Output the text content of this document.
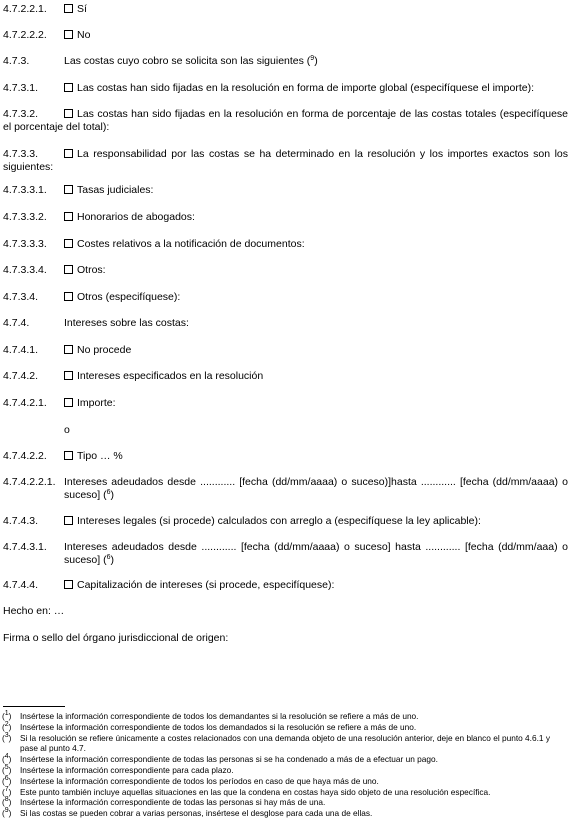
4.7.2.2.1.	Sí
4.7.2.2.2.	No
4.7.3.	Las costas cuyo cobro se solicita son las siguientes ($^9$)
4.7.3.1.	Las costas han sido fijadas en la resolución en forma de importe global (especifíquese el importe):
4.7.3.2.	Las costas han sido fijadas en la resolución en forma de porcentaje de las costas totales (especifíquese el porcentaje del total):
4.7.3.3.	La responsabilidad por las costas se ha determinado en la resolución y los importes exactos son los siguientes:
4.7.3.3.1.	Tasas judiciales:
4.7.3.3.2.	Honorarios de abogados:
4.7.3.3.3.	Costes relativos a la notificación de documentos:
4.7.3.3.4.	Otros:
4.7.3.4.	Otros (especifíquese):
4.7.4.	Intereses sobre las costas:
4.7.4.1.	No procede
4.7.4.2.	Intereses especificados en la resolución
4.7.4.2.1.	Importe:
o
4.7.4.2.2.	Tipo … %
4.7.4.2.2.1. Intereses adeudados desde ............ [fecha (dd/mm/aaaa) o suceso)]hasta ............ [fecha (dd/mm/aaaa) o suceso] ($^6$)
4.7.4.3.	Intereses legales (si procede) calculados con arreglo a (especifíquese la ley aplicable):
4.7.4.3.1. Intereses adeudados desde ............ [fecha (dd/mm/aaaa) o suceso] hasta ............ [fecha (dd/mm/aaa) o suceso] ($^6$)
4.7.4.4.	Capitalización de intereses (si procede, especifíquese):
Hecho en: …
Firma o sello del órgano jurisdiccional de origen:
($^1$) Insértese la información correspondiente de todos los demandantes si la resolución se refiere a más de uno.
($^2$) Insértese la información correspondiente de todos los demandados si la resolución se refiere a más de uno.
($^3$) Si la resolución se refiere únicamente a costes relacionados con una demanda objeto de una resolución anterior, deje en blanco el punto 4.6.1 y pase al punto 4.7.
($^4$) Insértese la información correspondiente de todas las personas si se ha condenado a más de a efectuar un pago.
($^5$) Insértese la información correspondiente para cada plazo.
($^6$) Insértese la información correspondiente de todos los períodos en caso de que haya más de uno.
($^7$) Este punto también incluye aquellas situaciones en las que la condena en costas haya sido objeto de una resolución específica.
($^8$) Insértese la información correspondiente de todas las personas si hay más de una.
($^9$) Si las costas se pueden cobrar a varias personas, insértese el desglose para cada una de ellas.
